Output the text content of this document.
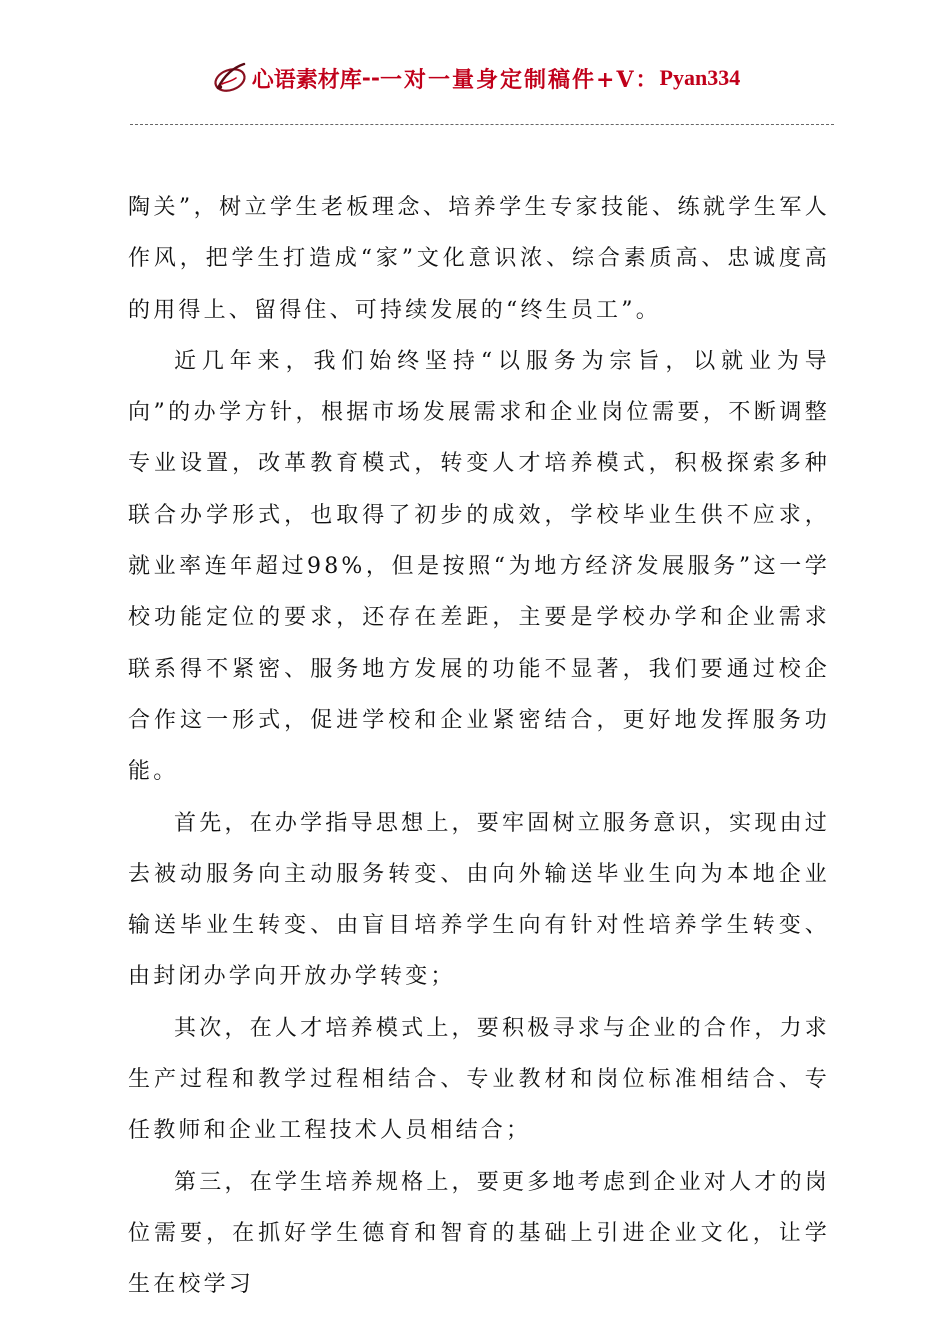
心语素材库 -- 一对一量身定制稿件+V： Pyan334

陶关”，树立学生老板理念、培养学生专家技能、练就学生军人作风，把学生打造成“家”文化意识浓、综合素质高、忠诚度高的用得上、留得住、可持续发展的“终生员工”。

近几年来，我们始终坚持“以服务为宗旨，以就业为导向”的办学方针，根据市场发展需求和企业岗位需要，不断调整专业设置，改革教育模式，转变人才培养模式，积极探索多种联合办学形式，也取得了初步的成效，学校毕业生供不应求，就业率连年超过98%，但是按照“为地方经济发展服务”这一学校功能定位的要求，还存在差距，主要是学校办学和企业需求联系得不紧密、服务地方发展的功能不显著，我们要通过校企合作这一形式，促进学校和企业紧密结合，更好地发挥服务功能。

首先，在办学指导思想上，要牢固树立服务意识，实现由过去被动服务向主动服务转变、由向外输送毕业生向为本地企业输送毕业生转变、由盲目培养学生向有针对性培养学生转变、由封闭办学向开放办学转变；

其次，在人才培养模式上，要积极寻求与企业的合作，力求生产过程和教学过程相结合、专业教材和岗位标准相结合、专任教师和企业工程技术人员相结合；

第三，在学生培养规格上，要更多地考虑到企业对人才的岗位需要，在抓好学生德育和智育的基础上引进企业文化，让学生在校学习
